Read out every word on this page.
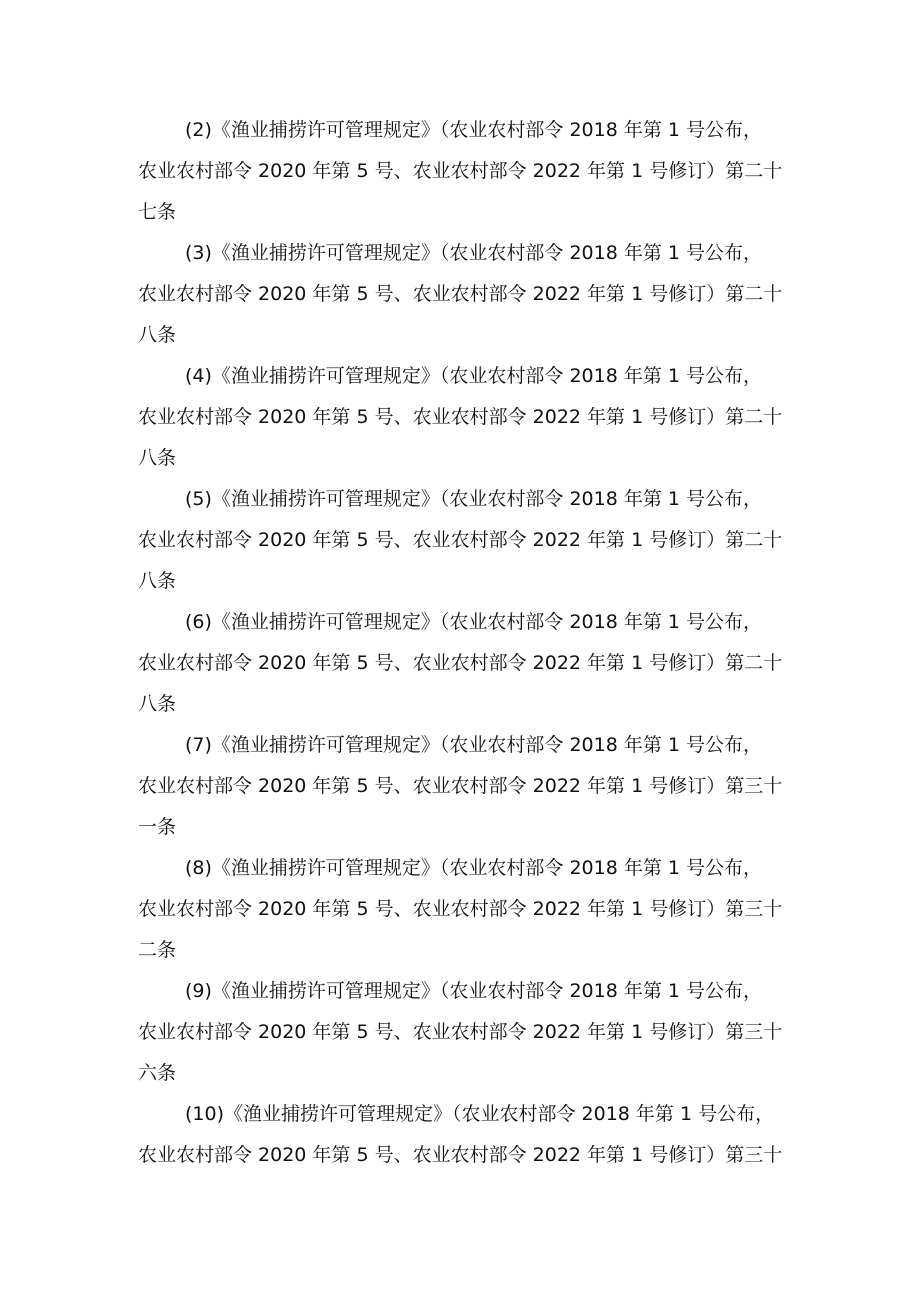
(2)《渔业捕捞许可管理规定》（农业农村部令 2018 年第 1 号公布，
农业农村部令 2020 年第 5 号、农业农村部令 2022 年第 1 号修订）第二十
七条
(3)《渔业捕捞许可管理规定》（农业农村部令 2018 年第 1 号公布，
农业农村部令 2020 年第 5 号、农业农村部令 2022 年第 1 号修订）第二十
八条
(4)《渔业捕捞许可管理规定》（农业农村部令 2018 年第 1 号公布，
农业农村部令 2020 年第 5 号、农业农村部令 2022 年第 1 号修订）第二十
八条
(5)《渔业捕捞许可管理规定》（农业农村部令 2018 年第 1 号公布，
农业农村部令 2020 年第 5 号、农业农村部令 2022 年第 1 号修订）第二十
八条
(6)《渔业捕捞许可管理规定》（农业农村部令 2018 年第 1 号公布，
农业农村部令 2020 年第 5 号、农业农村部令 2022 年第 1 号修订）第二十
八条
(7)《渔业捕捞许可管理规定》（农业农村部令 2018 年第 1 号公布，
农业农村部令 2020 年第 5 号、农业农村部令 2022 年第 1 号修订）第三十
一条
(8)《渔业捕捞许可管理规定》（农业农村部令 2018 年第 1 号公布，
农业农村部令 2020 年第 5 号、农业农村部令 2022 年第 1 号修订）第三十
二条
(9)《渔业捕捞许可管理规定》（农业农村部令 2018 年第 1 号公布，
农业农村部令 2020 年第 5 号、农业农村部令 2022 年第 1 号修订）第三十
六条
(10)《渔业捕捞许可管理规定》（农业农村部令 2018 年第 1 号公布，
农业农村部令 2020 年第 5 号、农业农村部令 2022 年第 1 号修订）第三十
